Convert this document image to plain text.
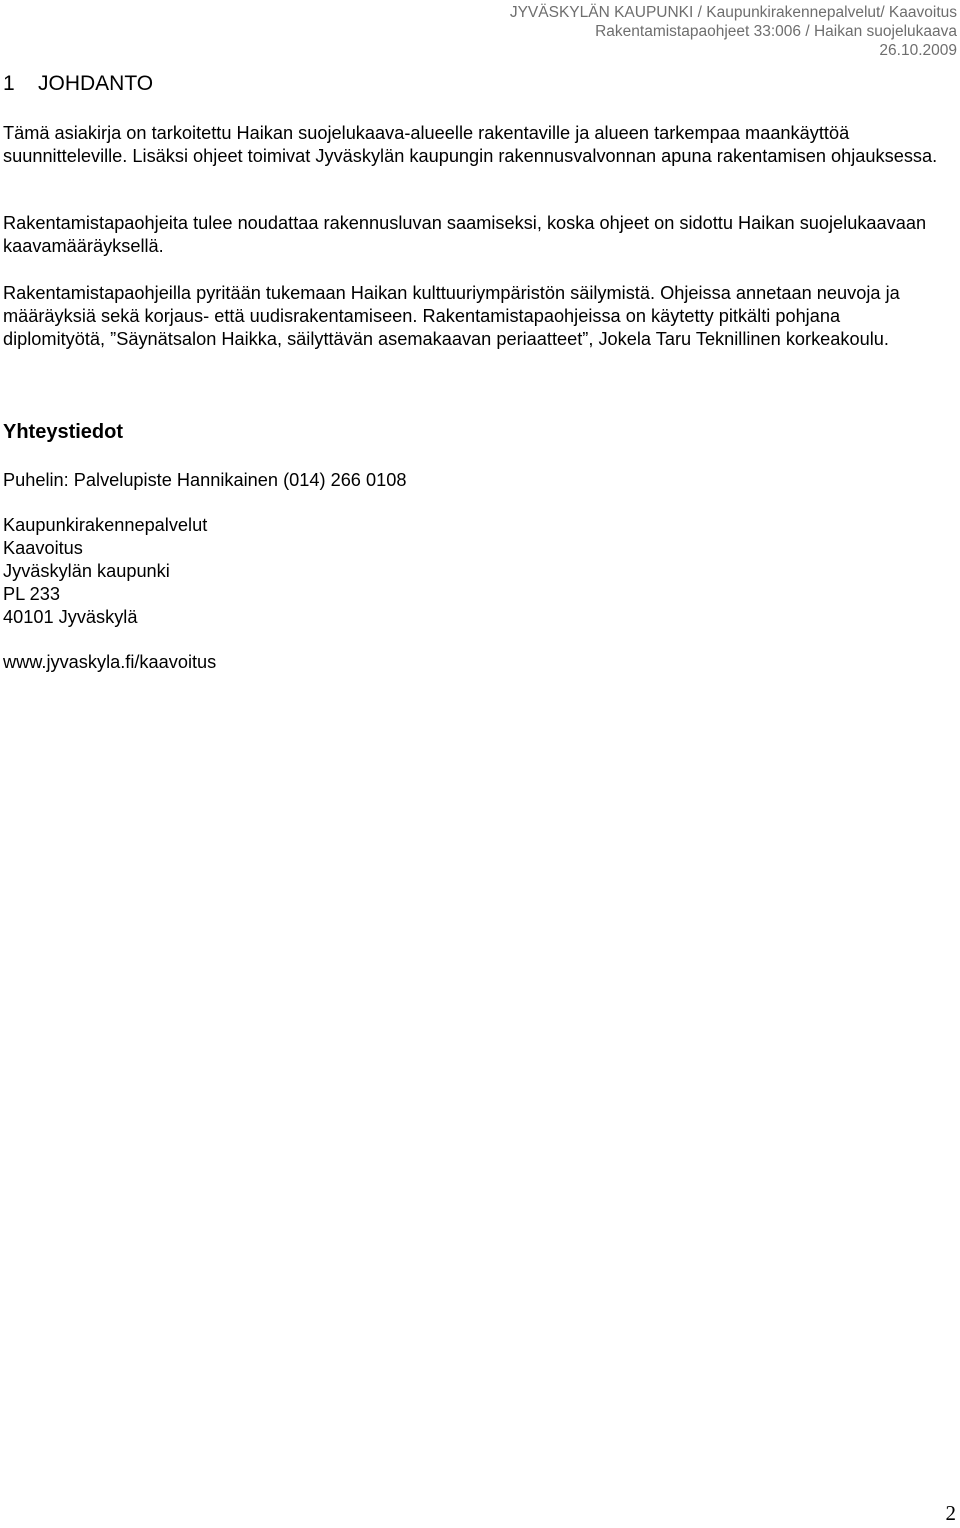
JYVÄSKYLÄN KAUPUNKI / Kaupunkirakennepalvelut/ Kaavoitus
Rakentamistapaohjeet 33:006 / Haikan suojelukaava
26.10.2009
1 JOHDANTO

Tämä asiakirja on tarkoitettu Haikan suojelukaava-alueelle rakentaville ja alueen tarkempaa maankäyttöä suunnitteleville. Lisäksi ohjeet toimivat Jyväskylän kaupungin rakennusvalvonnan apuna rakentamisen ohjauksessa.

Rakentamistapaohjeita tulee noudattaa rakennusluvan saamiseksi, koska ohjeet on sidottu Haikan suojelukaavaan kaavamääräyksellä.

Rakentamistapaohjeilla pyritään tukemaan Haikan kulttuuriympäristön säilymistä. Ohjeissa annetaan neuvoja ja määräyksiä sekä korjaus- että uudisrakentamiseen. Rakentamistapaohjeissa on käytetty pitkälti pohjana diplomityötä, ”Säynätsalon Haikka, säilyttävän asemakaavan periaatteet”, Jokela Taru Teknillinen korkeakoulu.

Yhteystiedot
Puhelin: Palvelupiste Hannikainen (014) 266 0108
Kaupunkirakennepalvelut
Kaavoitus
Jyväskylän kaupunki
PL 233
40101 Jyväskylä
www.jyvaskyla.fi/kaavoitus
2
